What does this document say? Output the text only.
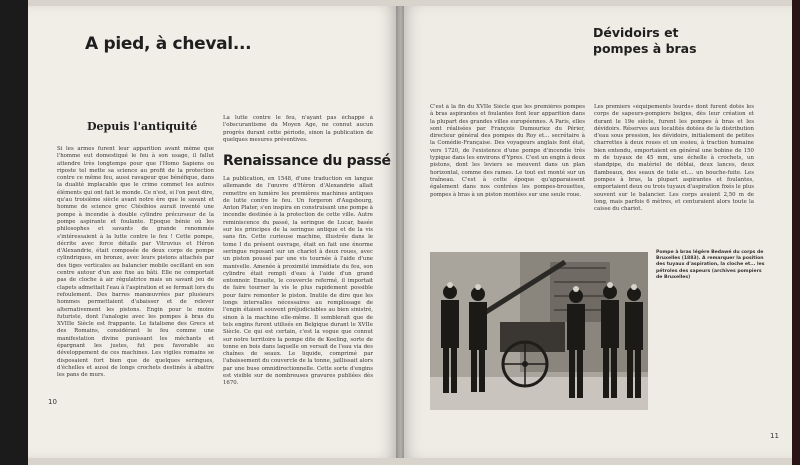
A pied, à cheval...
Depuis l'antiquité
Si les armes furent leur apparition avant même que l'homme eut domestiqué le feu à son usage, il fallut attendre très longtemps pour que l'Homo Sapiens ou riposte tel mette sa science au profit de la protection contre ce même feu, aussi ravageur que bénéfique, dans la dualité implacable que le crime commet les autres éléments qui ont fait le monde. Ce n'est, si l'on peut dire, qu'au troisième siècle avant notre ère que le savant et homme de science grec Ctésibios aurait inventé une pompe à incendie à double cylindre précurseur de la pompe aspirante et foulante. Epoque bénie où les philosophes et savants de grande renommée s'intéressaient à la lutte contre le feu ! Cette pompe, décrite avec force détails par Vitruvius et Héron d'Alexandrie, était composée de deux corps de pompe cylindriques, en bronze, avec leurs pistons attachés par des tiges verticales au balancier mobile oscillant en son centre autour d'un axe fixe au bâti. Elle ne comportait pas de cloche à air régulatrice mais un savant jeu de clapets admettait l'eau à l'aspiration et se fermait lors du refoulement. Des barres manœuvrées par plusieurs hommes permettaient d'abaisser et de relever alternativement les pistons. Engin pour le moins futuriste, dont l'analogie avec les pompes à bras du XVIIIe Siècle est frappante. Le fatalisme des Grecs et des Romains, considérant le feu comme une manifestation divine punissant les méchants et épargnant les justes, fut peu favorable au développement de ces machines. Les vigiles romains se disposaient fort bien que de quelques seringues, d'échelles et aussi de longs crochets destinés à abattre les pans de murs.
La lutte contre le feu, n'ayant pas échappé à l'obscurantisme du Moyen Age, ne connut aucun progrès durant cette période, sinon la publication de quelques mesures préventives.
Renaissance du passé
La publication, en 1548, d'une traduction en langue allemande de l'œuvre d'Héron d'Alexandrie allait remettre en lumière les premières machines antiques de lutte contre le feu. Un forgeron d'Augsbourg, Anton Plater, s'en inspira en construisant une pompe à incendie destinée à la protection de cette ville. Autre reminiscence du passé, la seringue de Lucar, basée sur les principes de la seringue antique et de la vis sans fin. Cette curieuse machine, illustrée dans le tome I du présent ouvrage, était en fait une énorme seringue reposant sur un chariot à deux roues, avec un piston poussé par une vis tournée à l'aide d'une manivelle. Amenée à proximité immédiate du feu, son cylindre était rempli d'eau à l'aide d'un grand entonnoir. Ensuite, le couvercle refermé, il importait de faire tourner la vis le plus rapidement possible pour faire remonter le piston. Inutile de dire que les longs intervalles nécessaires au remplissage de l'engin étaient souvent préjudiciables au bien sinistré, sinon à la machine elle-même. Il semblerait que de tels engins furent utilisés en Belgique durant le XVIIe Siècle. Ce qui est certain, c'est la vogue que connut sur notre territoire la pompe dite de Keeling, sorte de tonne en bois dans laquelle on versait de l'eau via des chaînes de seaux. Le liquide, comprimé par l'abaissement du couvercle de la tonne, jaillissait alors par une buse omnidirectionnelle. Cette sorte d'engins est visible sur de nombreuses gravures publiées dès 1670.
10
Dévidoirs et
pompes à bras
C'est à la fin du XVIIe Siècle que les premières pompes à bras aspirantes et foulantes font leur apparition dans la plupart des grandes villes européennes. A Paris, elles sont réalisées par François Dumouriez du Périer, directeur général des pompes du Roy et... secrétaire à la Comédie-Française. Des voyageurs anglais font état, vers 1720, de l'existence d'une pompe d'incendie très typique dans les environs d'Ypres. C'est un engin à deux pistons, dont les leviers se meuvent dans un plan horizontal, comme des rames. Le tout est monté sur un traîneau. C'est à cette époque qu'apparaissent également dans nos contrées les pompes-brouettes, pompes à bras à un piston montées sur une seule roue.
Les premiers «équipements lourds» dont furent dotés les corps de sapeurs-pompiers belges, dès leur création et durant le 19e siècle, furent les pompes à bras et les dévidoirs. Réserves aux localités dotées de la distribution d'eau sous pression, les dévidoirs, initialement de petites charrettes à deux roues et un essieu, à traction humaine bien entendu, emportaient en général une bobine de 150 m de tuyaux de 45 mm, une échelle à crochets, un standpipe, du matériel de déblai, deux lances, deux flambeaux, des seaux de toile et.... un bouche-fuite. Les pompes à bras, la plupart aspirantes et foulantes, emportaient deux ou trois tuyaux d'aspiration fixés le plus souvent sur le balancier. Les corps avaient 2,50 m de long, mais parfois 6 mètres, et centuraient alors toute la caisse du chariot.
Pompe à bras légère Bedawé du corps de Bruxelles (1883). A remarquer la position des tuyaux d'aspiration, la cloche et... les pétroles des sapeurs (archives pompiers de Bruxelles)
11
